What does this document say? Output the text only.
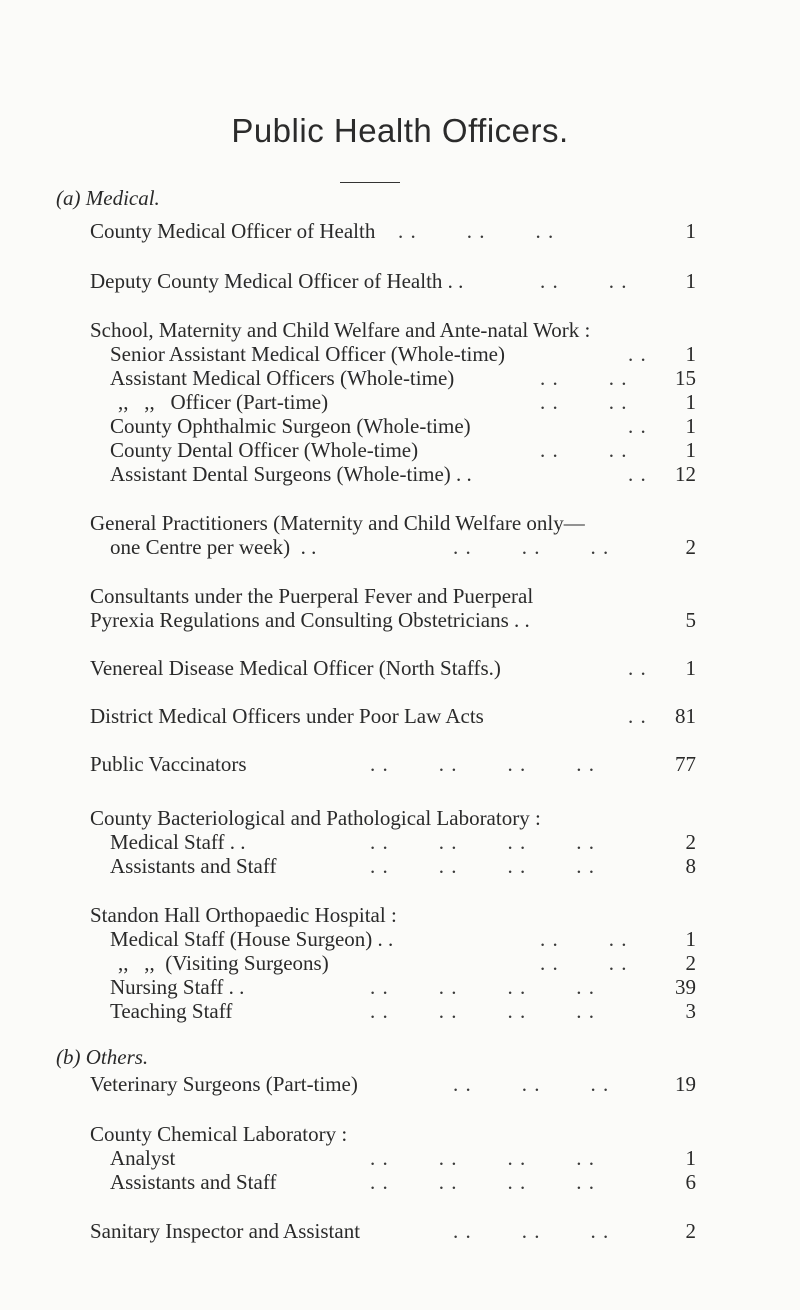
Public Health Officers.
(a) Medical.
County Medical Officer of Health . .        . .        . .	1
Deputy County Medical Officer of Health . .	. .        . .	1
School, Maternity and Child Welfare and Ante-natal Work :
Senior Assistant Medical Officer (Whole-time)	. .	1
Assistant Medical Officers (Whole-time)	. .        . .	15
,,   ,,   Officer (Part-time)	. .        . .	1
County Ophthalmic Surgeon (Whole-time)	. .	1
County Dental Officer (Whole-time)	. .        . .	1
Assistant Dental Surgeons (Whole-time) . .	. .	12
General Practitioners (Maternity and Child Welfare only—
one Centre per week)  . .	. .        . .        . .	2
Consultants under the Puerperal Fever and Puerperal
Pyrexia Regulations and Consulting Obstetricians . .	5
Venereal Disease Medical Officer (North Staffs.)	. .	1
District Medical Officers under Poor Law Acts	. .	81
Public Vaccinators	. .        . .        . .        . .	77
County Bacteriological and Pathological Laboratory :
Medical Staff . .	. .        . .        . .        . .	2
Assistants and Staff	. .        . .        . .        . .	8
Standon Hall Orthopaedic Hospital :
Medical Staff (House Surgeon) . .	. .        . .	1
,,   ,,  (Visiting Surgeons)	. .        . .	2
Nursing Staff . .	. .        . .        . .        . .	39
Teaching Staff	. .        . .        . .        . .	3
(b) Others.
Veterinary Surgeons (Part-time)	. .        . .        . .	19
County Chemical Laboratory :
Analyst	. .        . .        . .        . .	1
Assistants and Staff	. .        . .        . .        . .	6
Sanitary Inspector and Assistant	. .        . .        . .	2
